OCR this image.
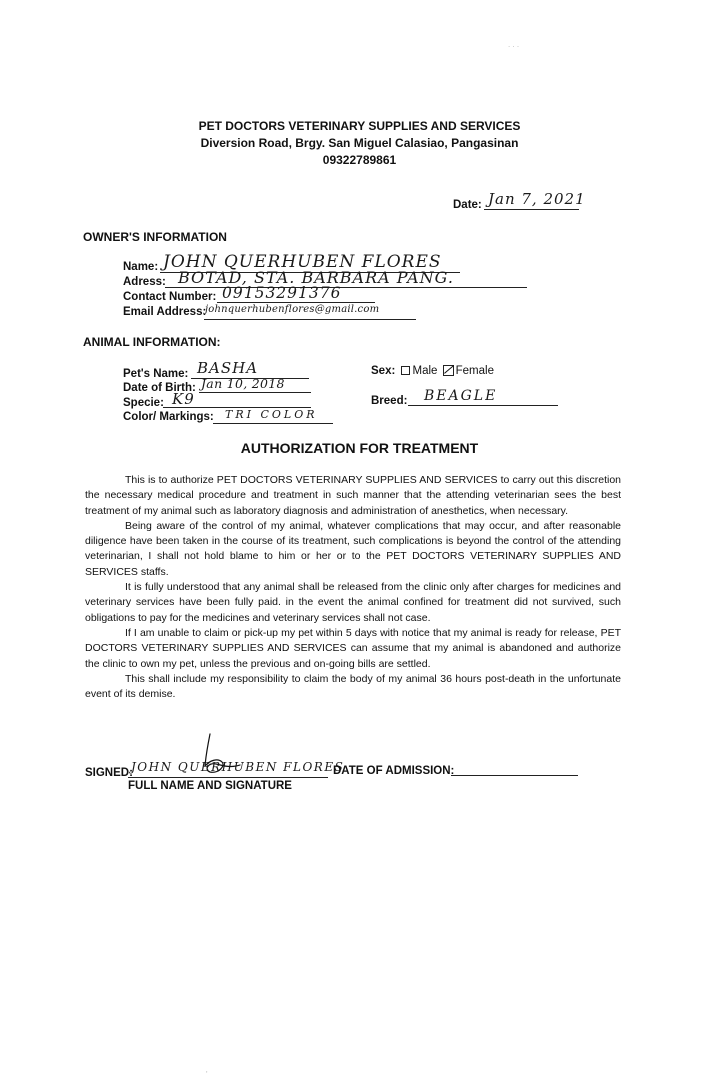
. . .
PET DOCTORS VETERINARY SUPPLIES AND SERVICES
Diversion Road, Brgy. San Miguel Calasiao, Pangasinan
09322789861
Date: Jan 7, 2021
OWNER'S INFORMATION
Name: JOHN QUERHUBEN FLORES
Adress: BOTAD, STA. BARBARA PANG.
Contact Number: 09153291376
Email Address:
johnquerhubenflores@gmail.com
ANIMAL INFORMATION:
Pet's Name: BASHA
Date of Birth: Jan 10, 2018
Specie: K9
Color/ Markings: TRI COLOR
Sex: Male Female
Breed: BEAGLE
AUTHORIZATION FOR TREATMENT

This is to authorize PET DOCTORS VETERINARY SUPPLIES AND SERVICES to carry out this discretion the necessary medical procedure and treatment in such manner that the attending veterinarian sees the best treatment of my animal such as laboratory diagnosis and administration of anesthetics, when necessary.

Being aware of the control of my animal, whatever complications that may occur, and after reasonable diligence have been taken in the course of its treatment, such complications is beyond the control of the attending veterinarian, I shall not hold blame to him or her or to the PET DOCTORS VETERINARY SUPPLIES AND SERVICES staffs.

It is fully understood that any animal shall be released from the clinic only after charges for medicines and veterinary services have been fully paid. in the event the animal confined for treatment did not survived, such obligations to pay for the medicines and veterinary services shall not case.

If I am unable to claim or pick-up my pet within 5 days with notice that my animal is ready for release, PET DOCTORS VETERINARY SUPPLIES AND SERVICES can assume that my animal is abandoned and authorize the clinic to own my pet, unless the previous and on-going bills are settled.

This shall include my responsibility to claim the body of my animal 36 hours post-death in the unfortunate event of its demise.

SIGNED:
JOHN QUERHUBEN FLORES
DATE OF ADMISSION:
FULL NAME AND SIGNATURE
'
